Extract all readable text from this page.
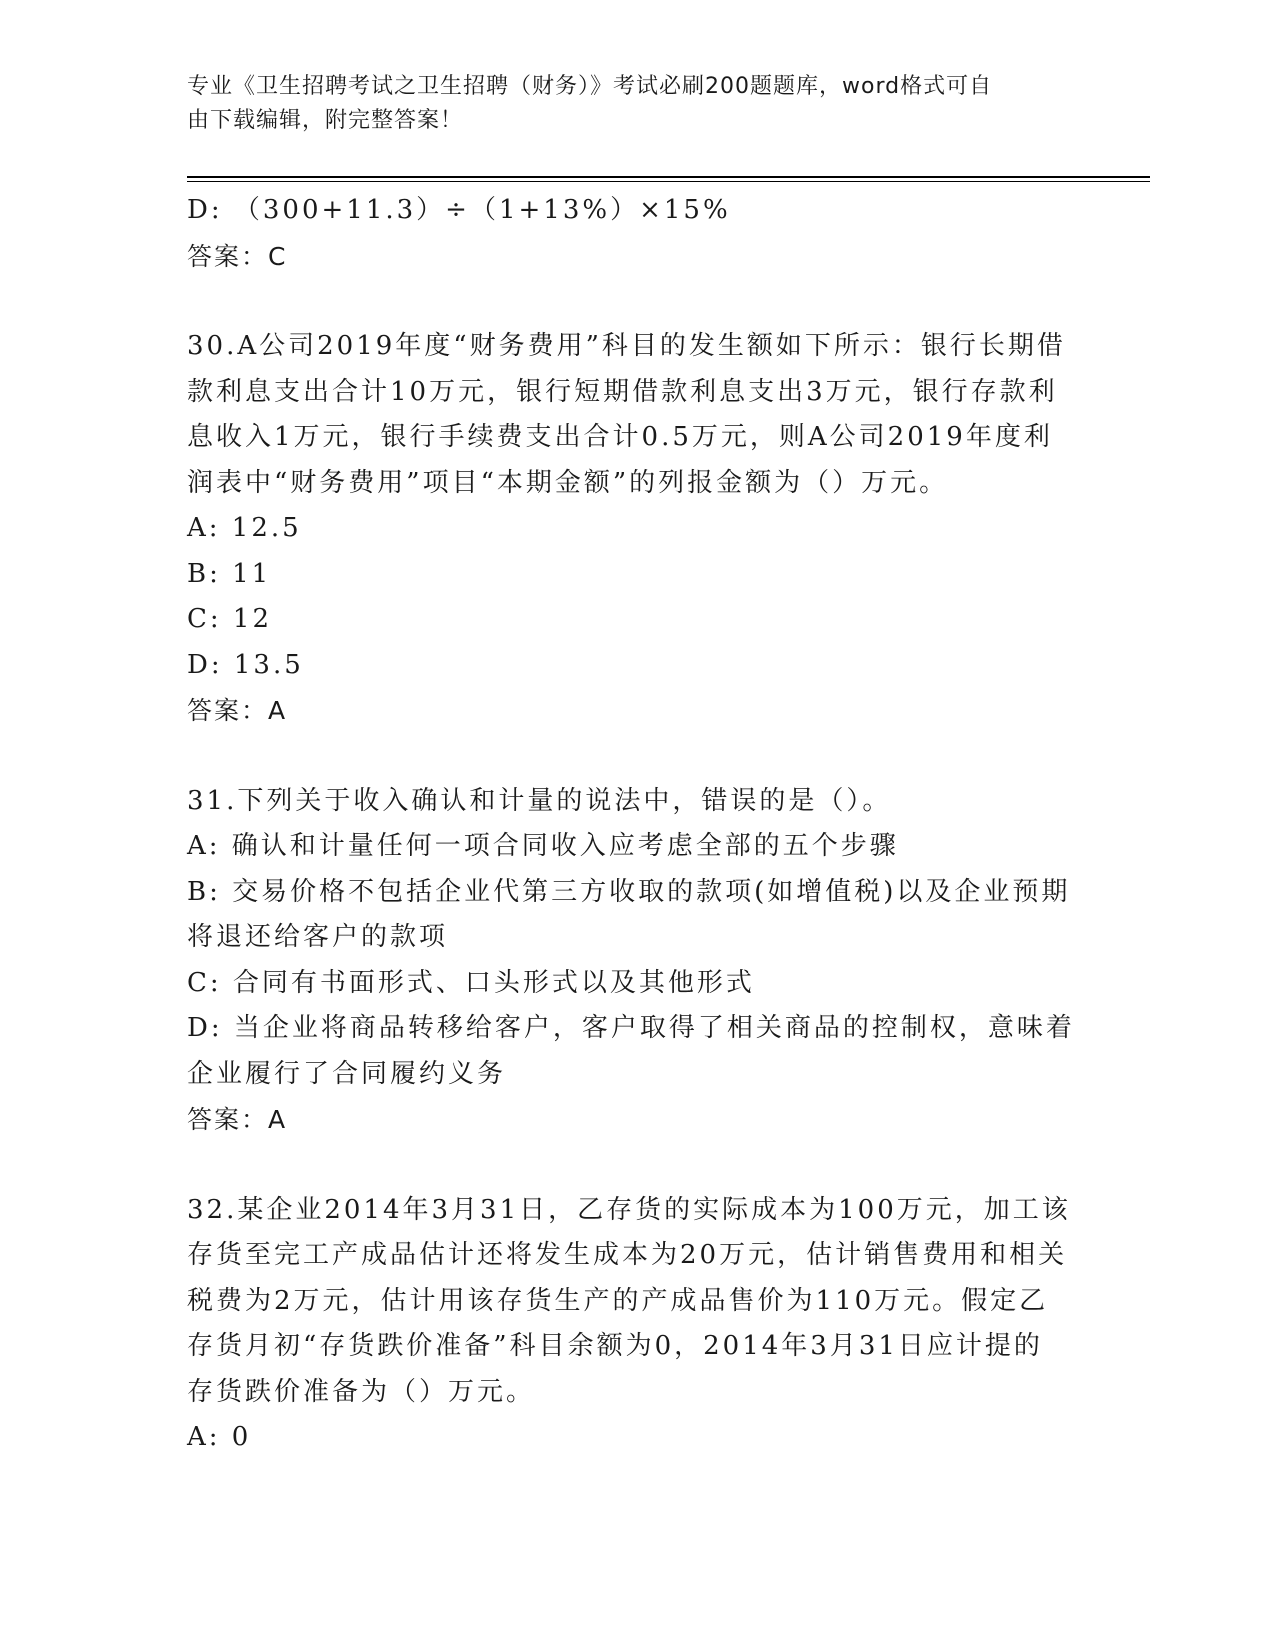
专业《卫生招聘考试之卫生招聘（财务）》考试必刷200题题库，word格式可自
由下载编辑，附完整答案！
D: （300+11.3）÷（1+13%）×15%
答案：C
30.A公司2019年度“财务费用”科目的发生额如下所示：银行长期借
款利息支出合计10万元，银行短期借款利息支出3万元，银行存款利
息收入1万元，银行手续费支出合计0.5万元，则A公司2019年度利
润表中“财务费用”项目“本期金额”的列报金额为（）万元。
A: 12.5
B: 11
C: 12
D: 13.5
答案：A
31.下列关于收入确认和计量的说法中，错误的是（）。
A: 确认和计量任何一项合同收入应考虑全部的五个步骤
B: 交易价格不包括企业代第三方收取的款项(如增值税)以及企业预期
将退还给客户的款项
C: 合同有书面形式、口头形式以及其他形式
D: 当企业将商品转移给客户，客户取得了相关商品的控制权，意味着
企业履行了合同履约义务
答案：A
32.某企业2014年3月31日，乙存货的实际成本为100万元，加工该
存货至完工产成品估计还将发生成本为20万元，估计销售费用和相关
税费为2万元，估计用该存货生产的产成品售价为110万元。假定乙
存货月初“存货跌价准备”科目余额为0，2014年3月31日应计提的
存货跌价准备为（）万元。
A: 0
